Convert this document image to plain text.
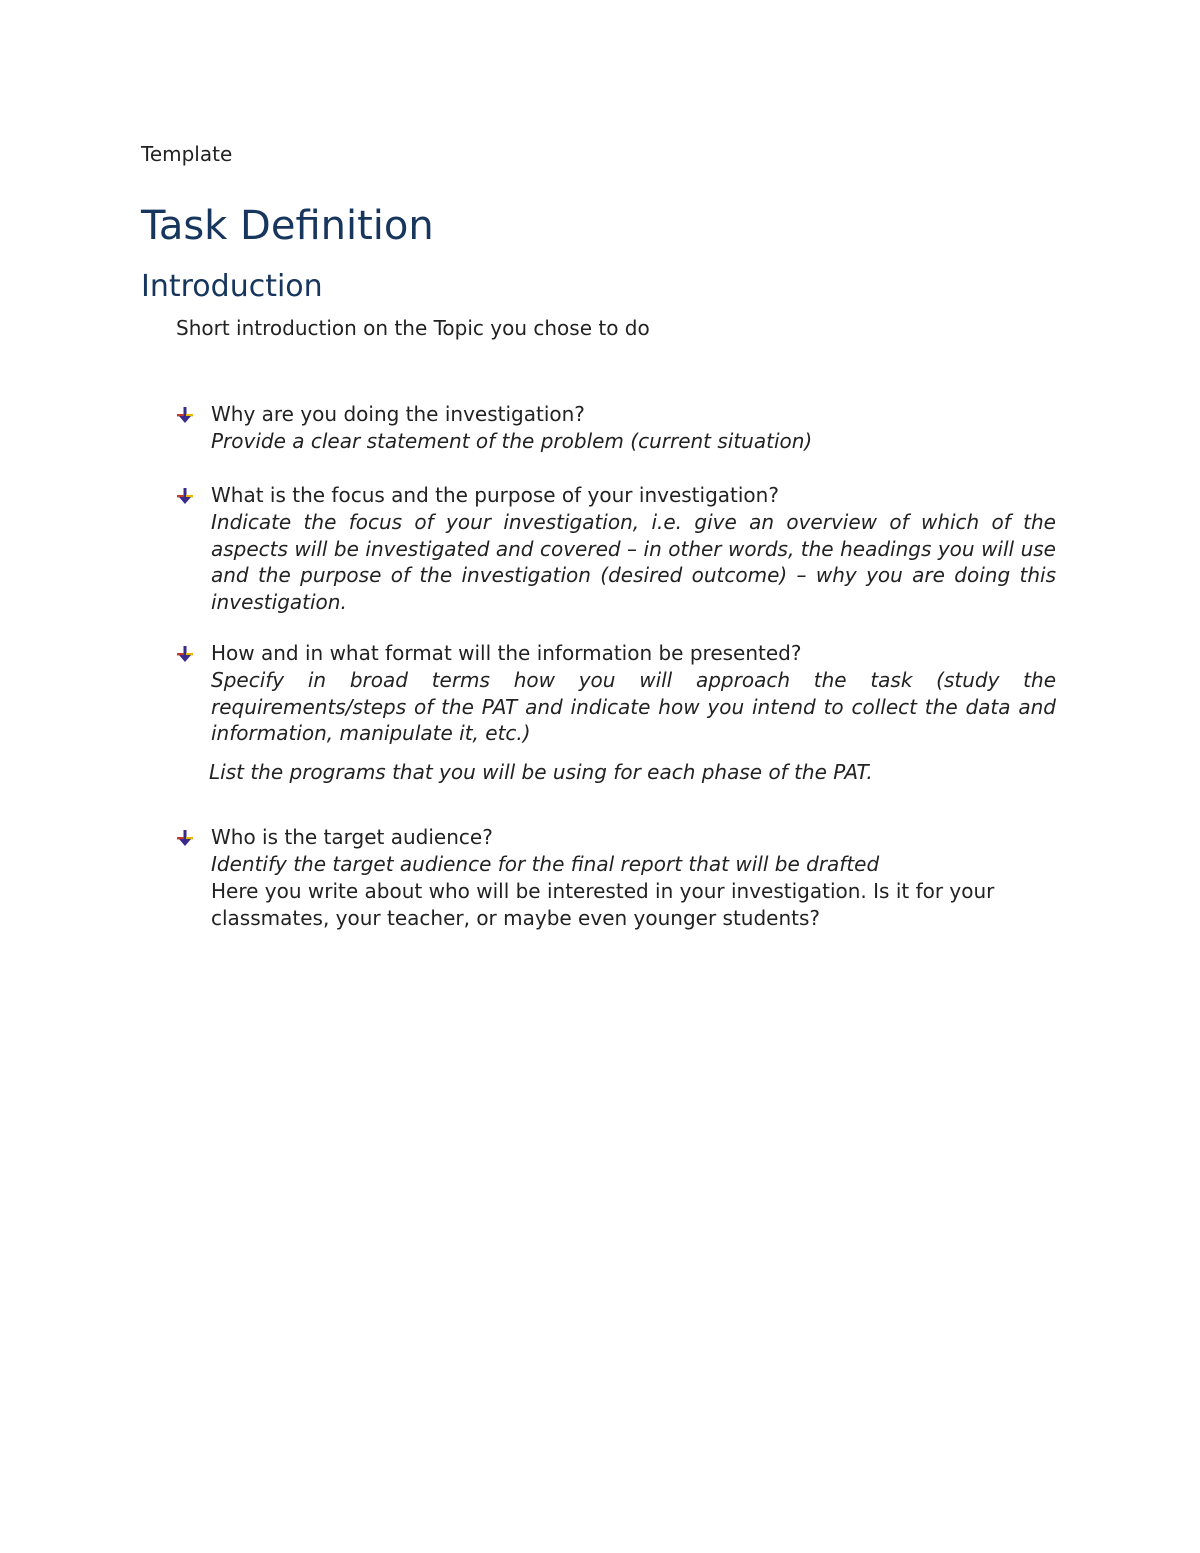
Template
Task Definition
Introduction
Short introduction on the Topic you chose to do
Why are you doing the investigation?
Provide a clear statement of the problem (current situation)
What is the focus and the purpose of your investigation?
Indicate the focus of your investigation, i.e. give an overview of which of the aspects will be investigated and covered – in other words, the headings you will use and the purpose of the investigation (desired outcome) – why you are doing this investigation.
How and in what format will the information be presented?
Specify in broad terms how you will approach the task (study the requirements/steps of the PAT and indicate how you intend to collect the data and information, manipulate it, etc.)
List the programs that you will be using for each phase of the PAT.
Who is the target audience?
Identify the target audience for the final report that will be drafted
Here you write about who will be interested in your investigation. Is it for your classmates, your teacher, or maybe even younger students?
